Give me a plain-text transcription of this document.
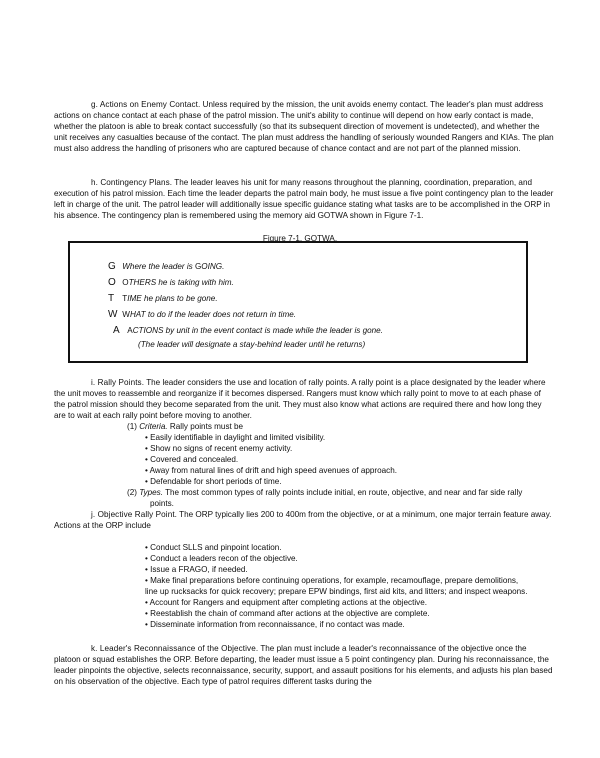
g. Actions on Enemy Contact. Unless required by the mission, the unit avoids enemy contact. The leader's plan must address actions on chance contact at each phase of the patrol mission. The unit's ability to continue will depend on how early contact is made, whether the platoon is able to break contact successfully (so that its subsequent direction of movement is undetected), and whether the unit receives any casualties because of the contact. The plan must address the handling of seriously wounded Rangers and KIAs. The plan must also address the handling of prisoners who are captured because of chance contact and are not part of the planned mission.

h. Contingency Plans. The leader leaves his unit for many reasons throughout the planning, coordination, preparation, and execution of his patrol mission. Each time the leader departs the patrol main body, he must issue a five point contingency plan to the leader left in charge of the unit. The patrol leader will additionally issue specific guidance stating what tasks are to be accomplished in the ORP in his absence. The contingency plan is remembered using the memory aid GOTWA shown in Figure 7-1.

Figure 7-1. GOTWA.
G Where the leader is GOING.
O OTHERS he is taking with him.
T TIME he plans to be gone.
W WHAT to do if the leader does not return in time.
A ACTIONS by unit in the event contact is made while the leader is gone.
(The leader will designate a stay-behind leader until he returns)

i. Rally Points. The leader considers the use and location of rally points. A rally point is a place designated by the leader where the unit moves to reassemble and reorganize if it becomes dispersed. Rangers must know which rally point to move to at each phase of the patrol mission should they become separated from the unit. They must also know what actions are required there and how long they are to wait at each rally point before moving to another.

(1) Criteria. Rally points must be
• Easily identifiable in daylight and limited visibility.
• Show no signs of recent enemy activity.
• Covered and concealed.
• Away from natural lines of drift and high speed avenues of approach.
• Defendable for short periods of time.
(2) Types. The most common types of rally points include initial, en route, objective, and near and far side rally
points.

j. Objective Rally Point. The ORP typically lies 200 to 400m from the objective, or at a minimum, one major terrain feature away. Actions at the ORP include

• Conduct SLLS and pinpoint location.
• Conduct a leaders recon of the objective.
• Issue a FRAGO, if needed.
• Make final preparations before continuing operations, for example, recamouflage, prepare demolitions,
line up rucksacks for quick recovery; prepare EPW bindings, first aid kits, and litters; and inspect weapons.
• Account for Rangers and equipment after completing actions at the objective.
• Reestablish the chain of command after actions at the objective are complete.
• Disseminate information from reconnaissance, if no contact was made.

k. Leader's Reconnaissance of the Objective. The plan must include a leader's reconnaissance of the objective once the platoon or squad establishes the ORP. Before departing, the leader must issue a 5 point contingency plan. During his reconnaissance, the leader pinpoints the objective, selects reconnaissance, security, support, and assault positions for his elements, and adjusts his plan based on his observation of the objective. Each type of patrol requires different tasks during the
